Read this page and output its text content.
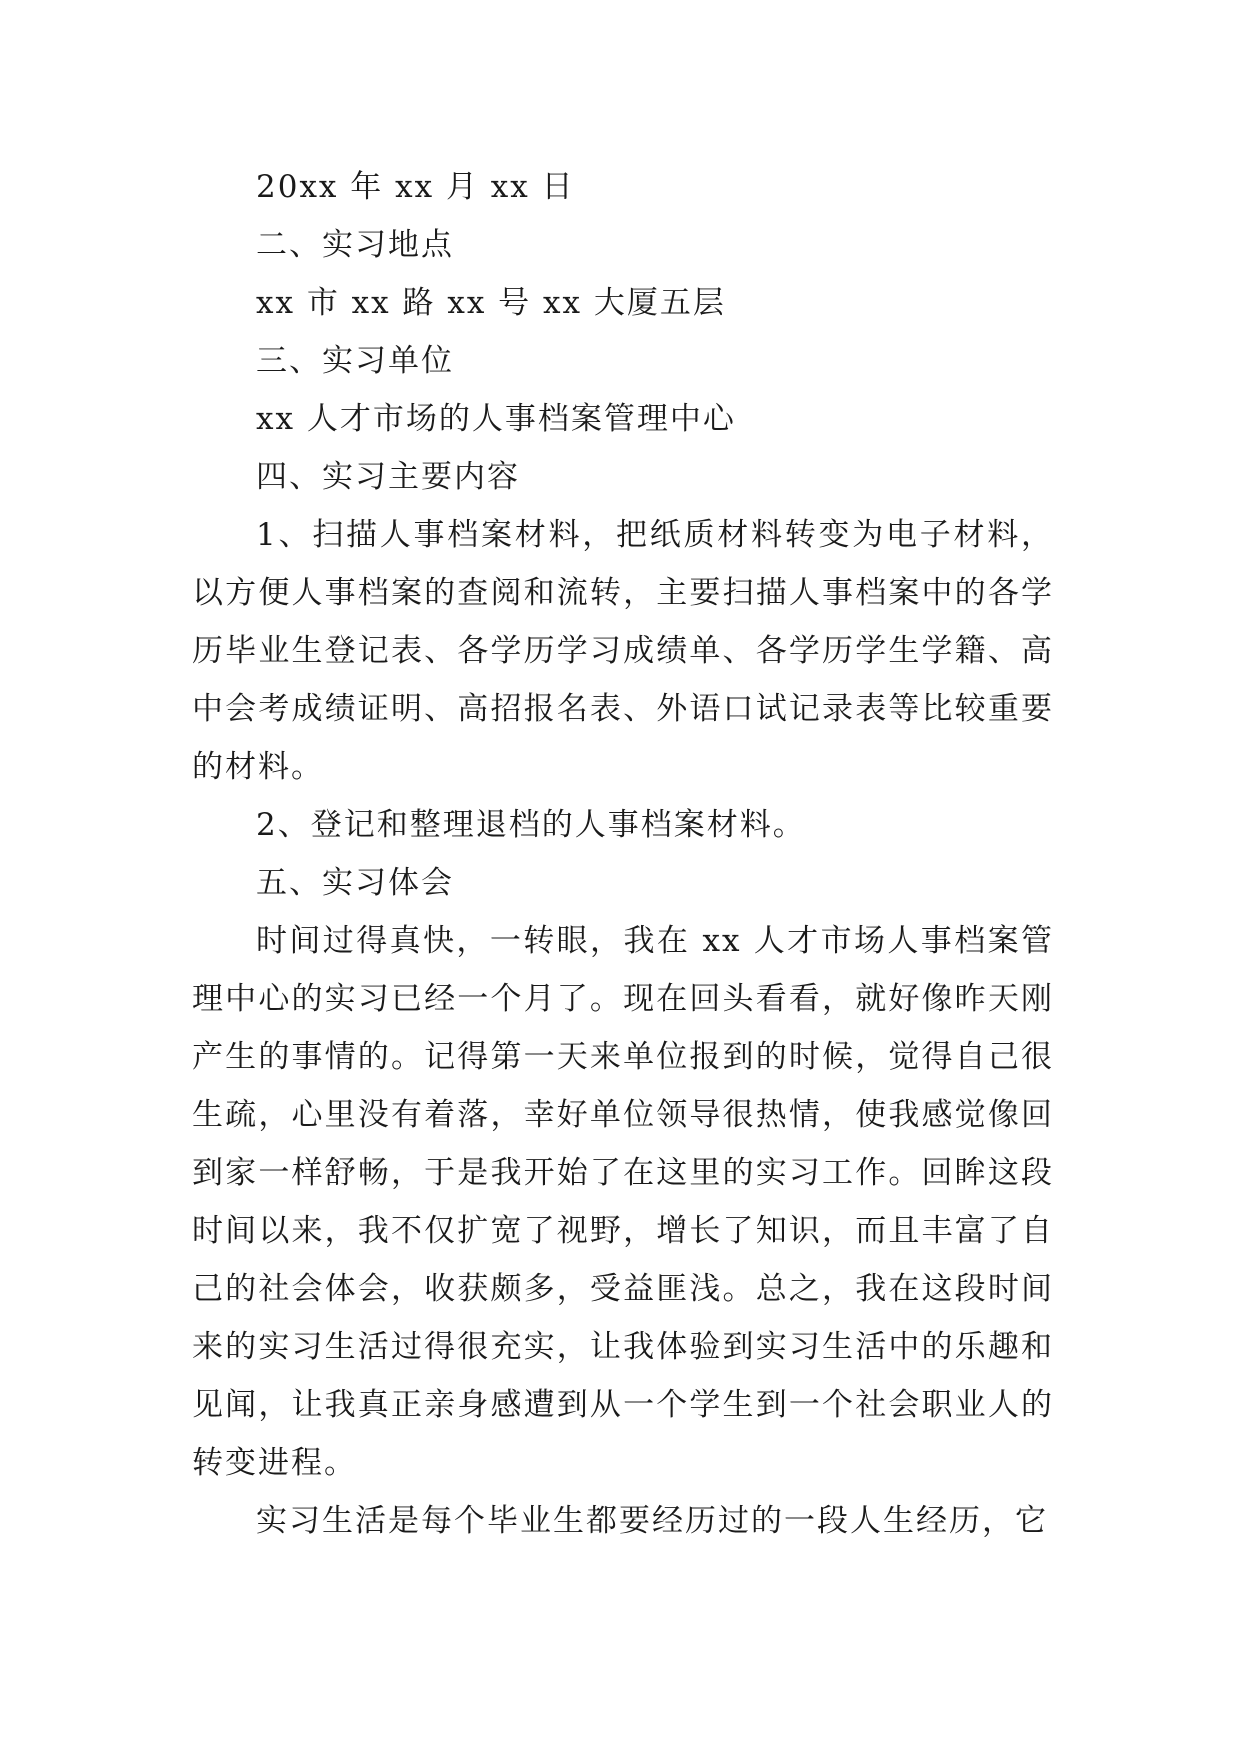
20xx 年 xx 月 xx 日

二、实习地点

xx 市 xx 路 xx 号 xx 大厦五层

三、实习单位

xx 人才市场的人事档案管理中心

四、实习主要内容

1、扫描人事档案材料，把纸质材料转变为电子材料，以方便人事档案的查阅和流转，主要扫描人事档案中的各学历毕业生登记表、各学历学习成绩单、各学历学生学籍、高中会考成绩证明、高招报名表、外语口试记录表等比较重要的材料。

2、登记和整理退档的人事档案材料。

五、实习体会

时间过得真快，一转眼，我在 xx 人才市场人事档案管理中心的实习已经一个月了。现在回头看看，就好像昨天刚产生的事情的。记得第一天来单位报到的时候，觉得自己很生疏，心里没有着落，幸好单位领导很热情，使我感觉像回到家一样舒畅，于是我开始了在这里的实习工作。回眸这段时间以来，我不仅扩宽了视野，增长了知识，而且丰富了自己的社会体会，收获颇多，受益匪浅。总之，我在这段时间来的实习生活过得很充实，让我体验到实习生活中的乐趣和见闻，让我真正亲身感遭到从一个学生到一个社会职业人的转变进程。

实习生活是每个毕业生都要经历过的一段人生经历，它
